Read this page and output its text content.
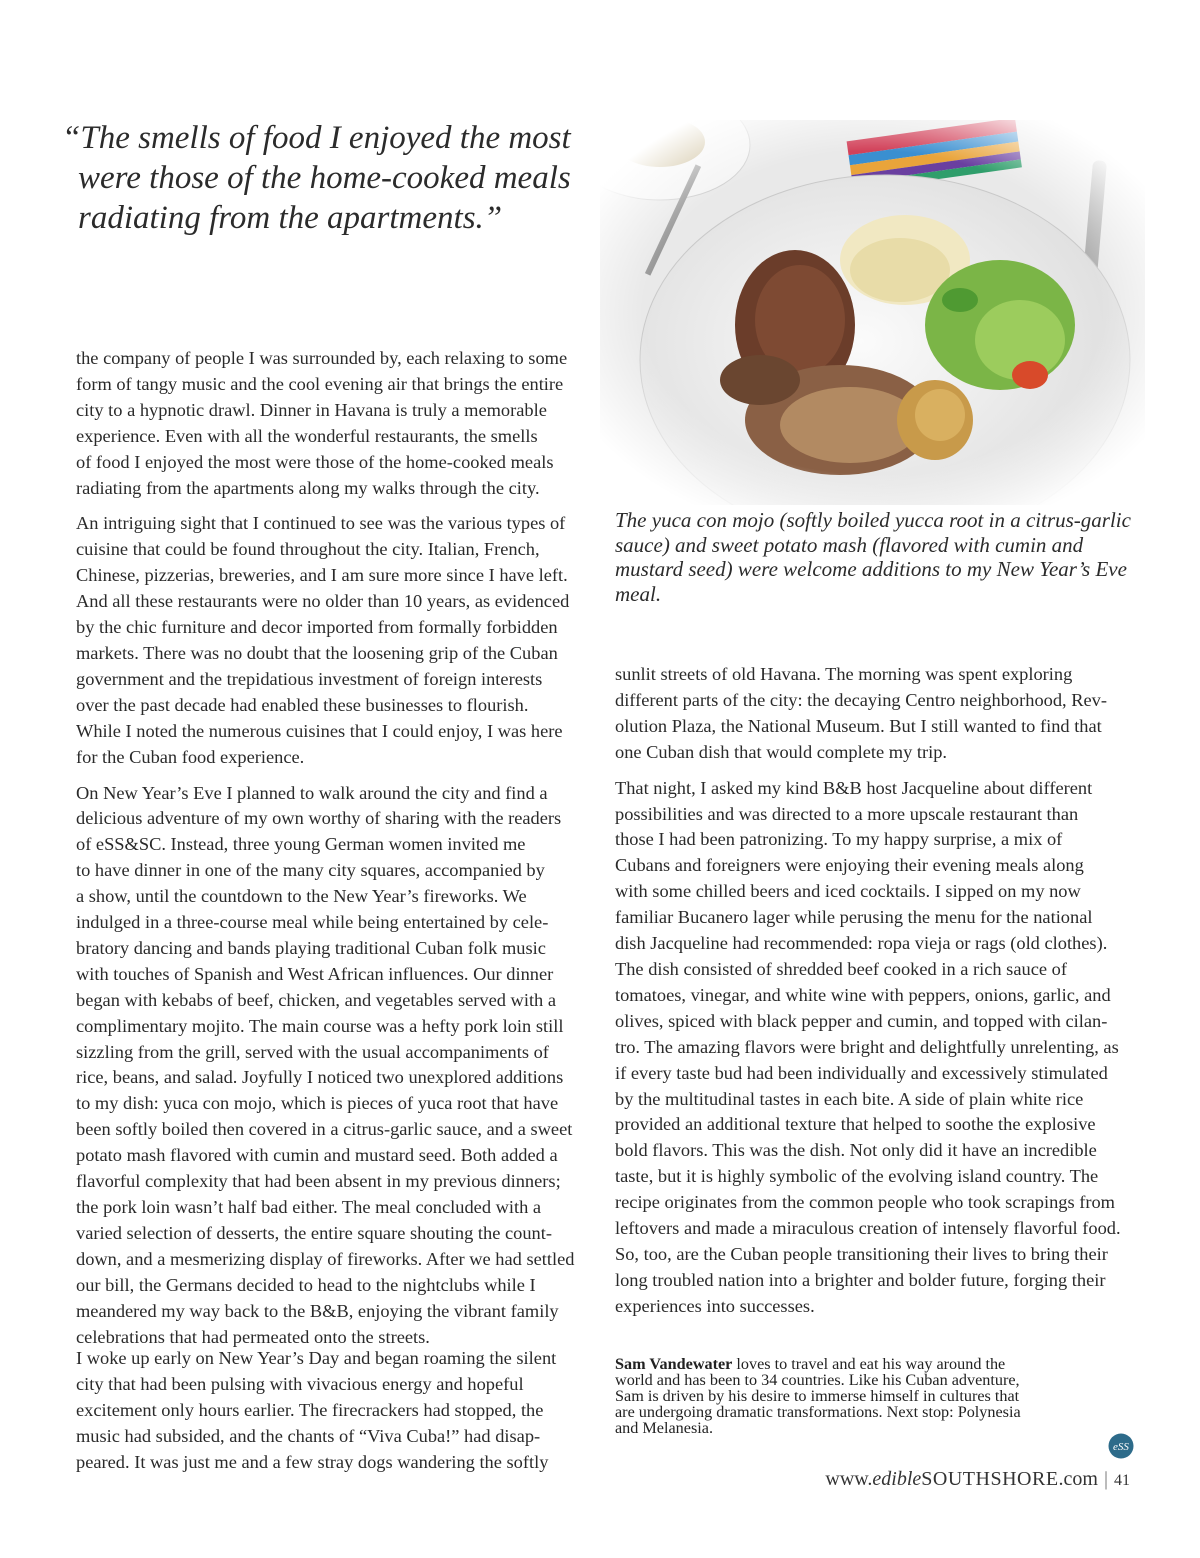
“The smells of food I enjoyed the most
were those of the home-cooked meals
radiating from the apartments.”
The yuca con mojo (softly boiled yucca root in a citrus-garlic
sauce) and sweet potato mash (flavored with cumin and
mustard seed) were welcome additions to my New Year’s Eve
meal.

the company of people I was surrounded by, each relaxing to some
form of tangy music and the cool evening air that brings the entire
city to a hypnotic drawl. Dinner in Havana is truly a memorable
experience. Even with all the wonderful restaurants, the smells
of food I enjoyed the most were those of the home-cooked meals
radiating from the apartments along my walks through the city.

An intriguing sight that I continued to see was the various types of
cuisine that could be found throughout the city. Italian, French,
Chinese, pizzerias, breweries, and I am sure more since I have left.
And all these restaurants were no older than 10 years, as evidenced
by the chic furniture and decor imported from formally forbidden
markets. There was no doubt that the loosening grip of the Cuban
government and the trepidatious investment of foreign interests
over the past decade had enabled these businesses to flourish.
While I noted the numerous cuisines that I could enjoy, I was here
for the Cuban food experience.

On New Year’s Eve I planned to walk around the city and find a
delicious adventure of my own worthy of sharing with the readers
of eSS&SC. Instead, three young German women invited me
to have dinner in one of the many city squares, accompanied by
a show, until the countdown to the New Year’s fireworks. We
indulged in a three-course meal while being entertained by cele-
bratory dancing and bands playing traditional Cuban folk music
with touches of Spanish and West African influences. Our dinner
began with kebabs of beef, chicken, and vegetables served with a
complimentary mojito. The main course was a hefty pork loin still
sizzling from the grill, served with the usual accompaniments of
rice, beans, and salad. Joyfully I noticed two unexplored additions
to my dish: yuca con mojo, which is pieces of yuca root that have
been softly boiled then covered in a citrus-garlic sauce, and a sweet
potato mash flavored with cumin and mustard seed. Both added a
flavorful complexity that had been absent in my previous dinners;
the pork loin wasn’t half bad either. The meal concluded with a
varied selection of desserts, the entire square shouting the count-
down, and a mesmerizing display of fireworks. After we had settled
our bill, the Germans decided to head to the nightclubs while I
meandered my way back to the B&B, enjoying the vibrant family
celebrations that had permeated onto the streets.

I woke up early on New Year’s Day and began roaming the silent
city that had been pulsing with vivacious energy and hopeful
excitement only hours earlier. The firecrackers had stopped, the
music had subsided, and the chants of “Viva Cuba!” had disap-
peared. It was just me and a few stray dogs wandering the softly

sunlit streets of old Havana. The morning was spent exploring
different parts of the city: the decaying Centro neighborhood, Rev-
olution Plaza, the National Museum. But I still wanted to find that
one Cuban dish that would complete my trip.

That night, I asked my kind B&B host Jacqueline about different
possibilities and was directed to a more upscale restaurant than
those I had been patronizing. To my happy surprise, a mix of
Cubans and foreigners were enjoying their evening meals along
with some chilled beers and iced cocktails. I sipped on my now
familiar Bucanero lager while perusing the menu for the national
dish Jacqueline had recommended: ropa vieja or rags (old clothes).
The dish consisted of shredded beef cooked in a rich sauce of
tomatoes, vinegar, and white wine with peppers, onions, garlic, and
olives, spiced with black pepper and cumin, and topped with cilan-
tro. The amazing flavors were bright and delightfully unrelenting, as
if every taste bud had been individually and excessively stimulated
by the multitudinal tastes in each bite. A side of plain white rice
provided an additional texture that helped to soothe the explosive
bold flavors. This was the dish. Not only did it have an incredible
taste, but it is highly symbolic of the evolving island country. The
recipe originates from the common people who took scrapings from
leftovers and made a miraculous creation of intensely flavorful food.
So, too, are the Cuban people transitioning their lives to bring their
long troubled nation into a brighter and bolder future, forging their
experiences into successes.

Sam Vandewater loves to travel and eat his way around the
world and has been to 34 countries. Like his Cuban adventure,
Sam is driven by his desire to immerse himself in cultures that
are undergoing dramatic transformations. Next stop: Polynesia
and Melanesia.
eSS
www.edibleSOUTHSHORE.com | 41
